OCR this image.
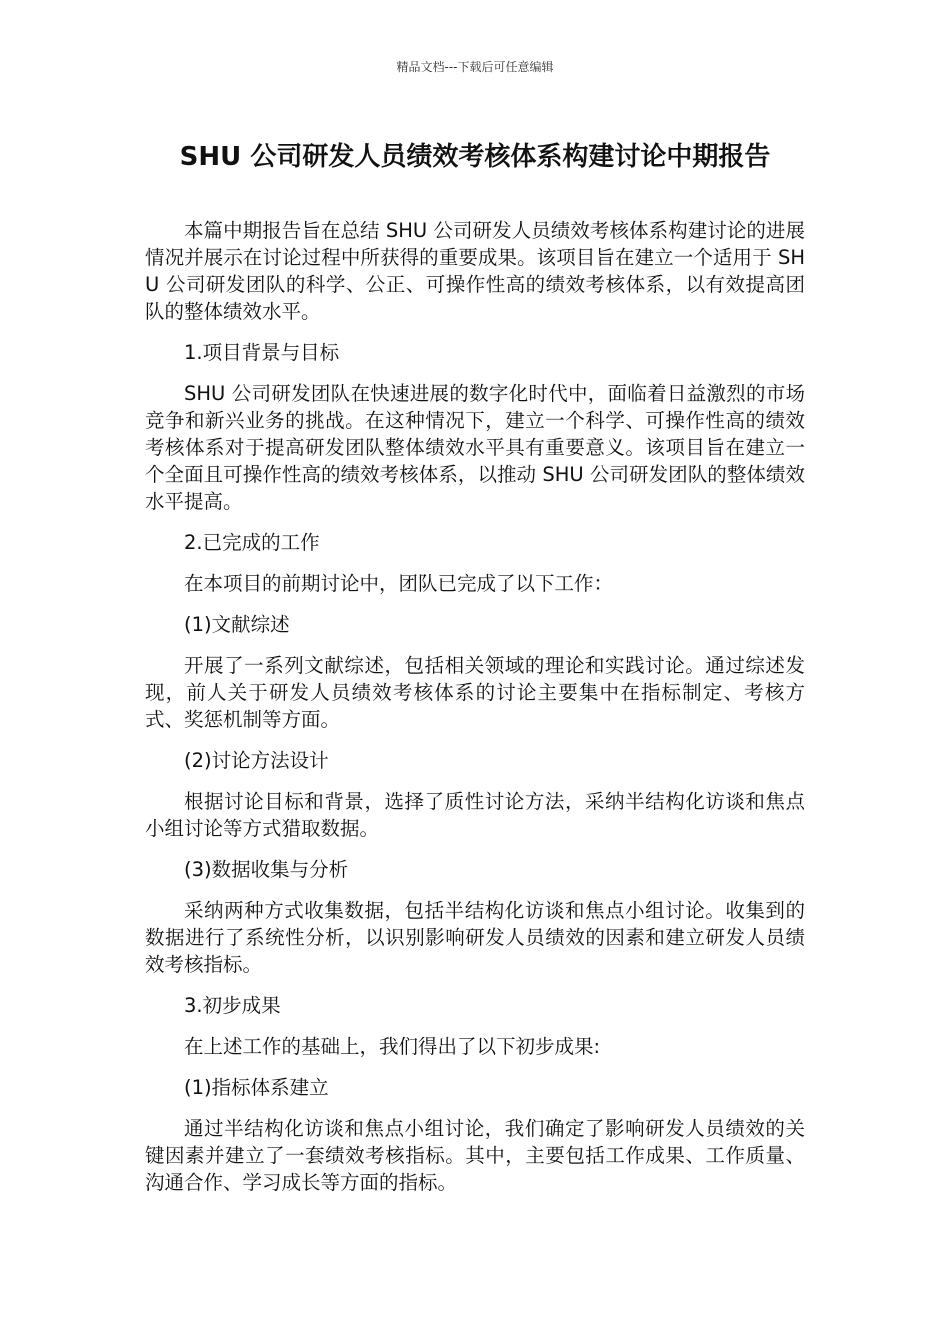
精品文档---下载后可任意编辑
SHU 公司研发人员绩效考核体系构建讨论中期报告

本篇中期报告旨在总结 SHU 公司研发人员绩效考核体系构建讨论的进展情况并展示在讨论过程中所获得的重要成果。该项目旨在建立一个适用于 SHU 公司研发团队的科学、公正、可操作性高的绩效考核体系，以有效提高团队的整体绩效水平。

1.项目背景与目标

SHU 公司研发团队在快速进展的数字化时代中，面临着日益激烈的市场竞争和新兴业务的挑战。在这种情况下，建立一个科学、可操作性高的绩效考核体系对于提高研发团队整体绩效水平具有重要意义。该项目旨在建立一个全面且可操作性高的绩效考核体系，以推动 SHU 公司研发团队的整体绩效水平提高。

2.已完成的工作

在本项目的前期讨论中，团队已完成了以下工作：

(1)文献综述

开展了一系列文献综述，包括相关领域的理论和实践讨论。通过综述发现，前人关于研发人员绩效考核体系的讨论主要集中在指标制定、考核方式、奖惩机制等方面。

(2)讨论方法设计

根据讨论目标和背景，选择了质性讨论方法，采纳半结构化访谈和焦点小组讨论等方式猎取数据。

(3)数据收集与分析

采纳两种方式收集数据，包括半结构化访谈和焦点小组讨论。收集到的数据进行了系统性分析，以识别影响研发人员绩效的因素和建立研发人员绩效考核指标。

3.初步成果

在上述工作的基础上，我们得出了以下初步成果:

(1)指标体系建立

通过半结构化访谈和焦点小组讨论，我们确定了影响研发人员绩效的关键因素并建立了一套绩效考核指标。其中，主要包括工作成果、工作质量、沟通合作、学习成长等方面的指标。
